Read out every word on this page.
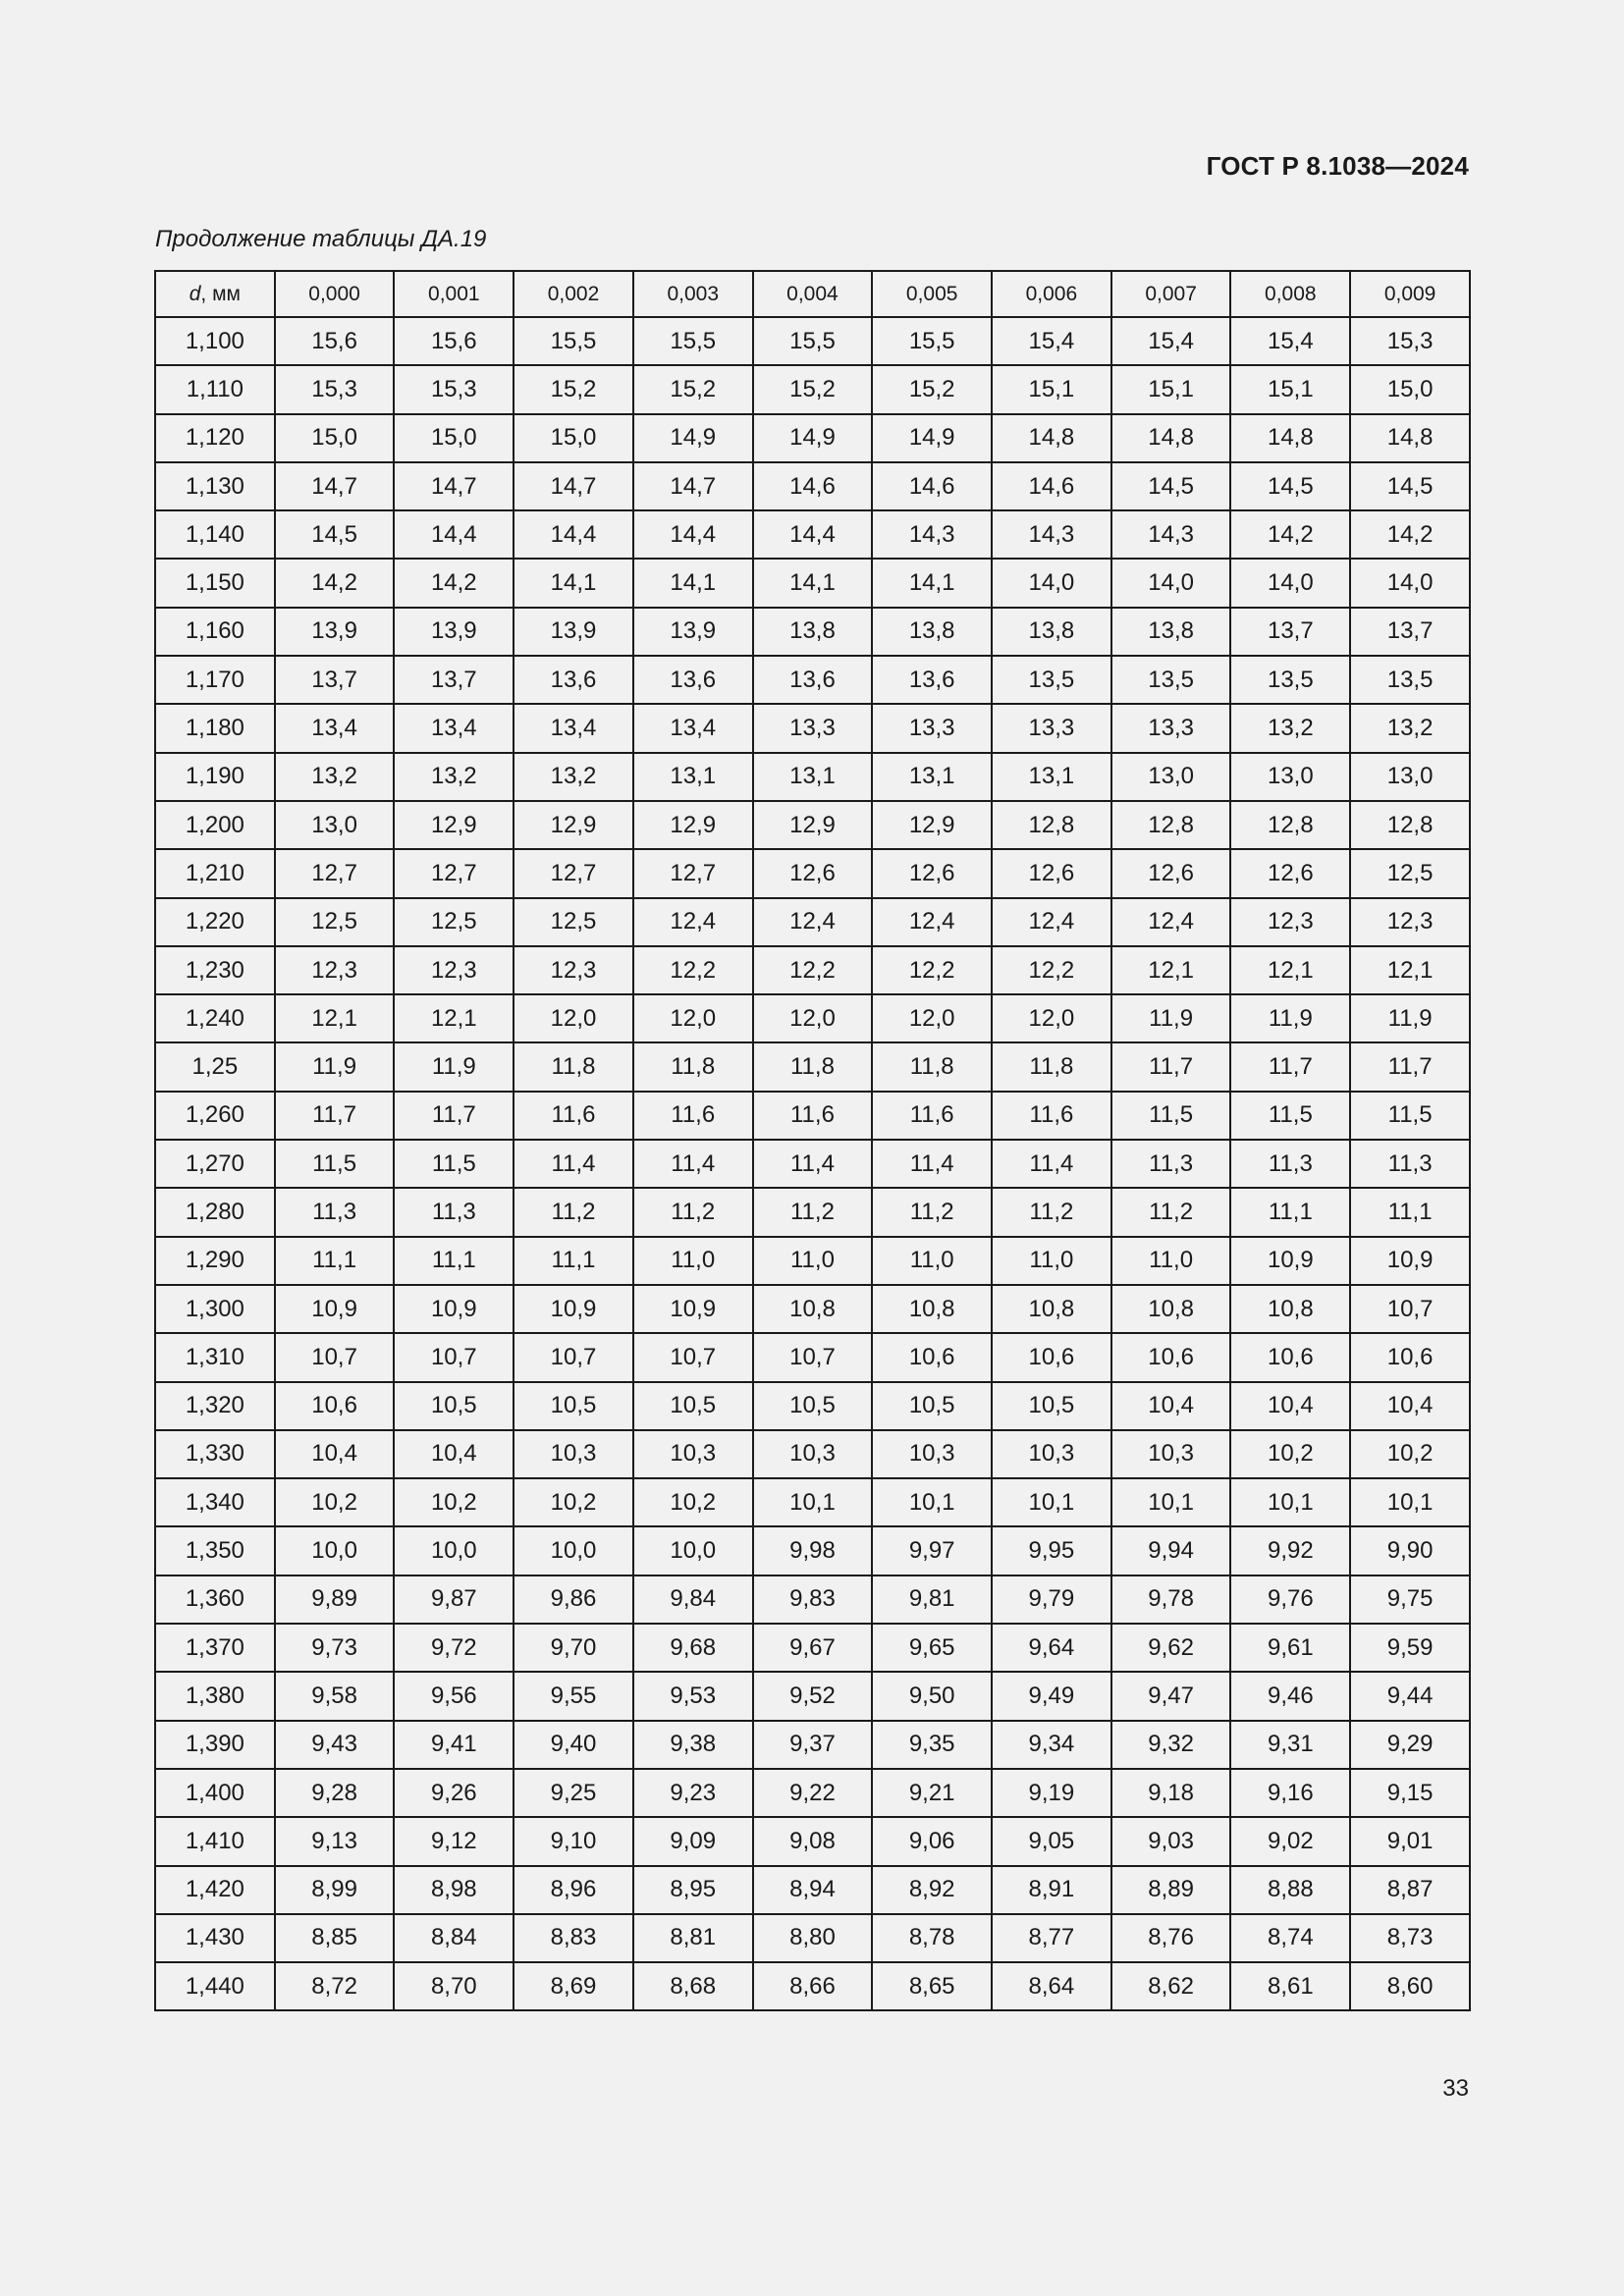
ГОСТ Р 8.1038—2024
Продолжение таблицы ДА.19
d, мм	0,000	0,001	0,002	0,003	0,004	0,005	0,006	0,007	0,008	0,009
1,100	15,6	15,6	15,5	15,5	15,5	15,5	15,4	15,4	15,4	15,3
1,110	15,3	15,3	15,2	15,2	15,2	15,2	15,1	15,1	15,1	15,0
1,120	15,0	15,0	15,0	14,9	14,9	14,9	14,8	14,8	14,8	14,8
1,130	14,7	14,7	14,7	14,7	14,6	14,6	14,6	14,5	14,5	14,5
1,140	14,5	14,4	14,4	14,4	14,4	14,3	14,3	14,3	14,2	14,2
1,150	14,2	14,2	14,1	14,1	14,1	14,1	14,0	14,0	14,0	14,0
1,160	13,9	13,9	13,9	13,9	13,8	13,8	13,8	13,8	13,7	13,7
1,170	13,7	13,7	13,6	13,6	13,6	13,6	13,5	13,5	13,5	13,5
1,180	13,4	13,4	13,4	13,4	13,3	13,3	13,3	13,3	13,2	13,2
1,190	13,2	13,2	13,2	13,1	13,1	13,1	13,1	13,0	13,0	13,0
1,200	13,0	12,9	12,9	12,9	12,9	12,9	12,8	12,8	12,8	12,8
1,210	12,7	12,7	12,7	12,7	12,6	12,6	12,6	12,6	12,6	12,5
1,220	12,5	12,5	12,5	12,4	12,4	12,4	12,4	12,4	12,3	12,3
1,230	12,3	12,3	12,3	12,2	12,2	12,2	12,2	12,1	12,1	12,1
1,240	12,1	12,1	12,0	12,0	12,0	12,0	12,0	11,9	11,9	11,9
1,25	11,9	11,9	11,8	11,8	11,8	11,8	11,8	11,7	11,7	11,7
1,260	11,7	11,7	11,6	11,6	11,6	11,6	11,6	11,5	11,5	11,5
1,270	11,5	11,5	11,4	11,4	11,4	11,4	11,4	11,3	11,3	11,3
1,280	11,3	11,3	11,2	11,2	11,2	11,2	11,2	11,2	11,1	11,1
1,290	11,1	11,1	11,1	11,0	11,0	11,0	11,0	11,0	10,9	10,9
1,300	10,9	10,9	10,9	10,9	10,8	10,8	10,8	10,8	10,8	10,7
1,310	10,7	10,7	10,7	10,7	10,7	10,6	10,6	10,6	10,6	10,6
1,320	10,6	10,5	10,5	10,5	10,5	10,5	10,5	10,4	10,4	10,4
1,330	10,4	10,4	10,3	10,3	10,3	10,3	10,3	10,3	10,2	10,2
1,340	10,2	10,2	10,2	10,2	10,1	10,1	10,1	10,1	10,1	10,1
1,350	10,0	10,0	10,0	10,0	9,98	9,97	9,95	9,94	9,92	9,90
1,360	9,89	9,87	9,86	9,84	9,83	9,81	9,79	9,78	9,76	9,75
1,370	9,73	9,72	9,70	9,68	9,67	9,65	9,64	9,62	9,61	9,59
1,380	9,58	9,56	9,55	9,53	9,52	9,50	9,49	9,47	9,46	9,44
1,390	9,43	9,41	9,40	9,38	9,37	9,35	9,34	9,32	9,31	9,29
1,400	9,28	9,26	9,25	9,23	9,22	9,21	9,19	9,18	9,16	9,15
1,410	9,13	9,12	9,10	9,09	9,08	9,06	9,05	9,03	9,02	9,01
1,420	8,99	8,98	8,96	8,95	8,94	8,92	8,91	8,89	8,88	8,87
1,430	8,85	8,84	8,83	8,81	8,80	8,78	8,77	8,76	8,74	8,73
1,440	8,72	8,70	8,69	8,68	8,66	8,65	8,64	8,62	8,61	8,60
33
